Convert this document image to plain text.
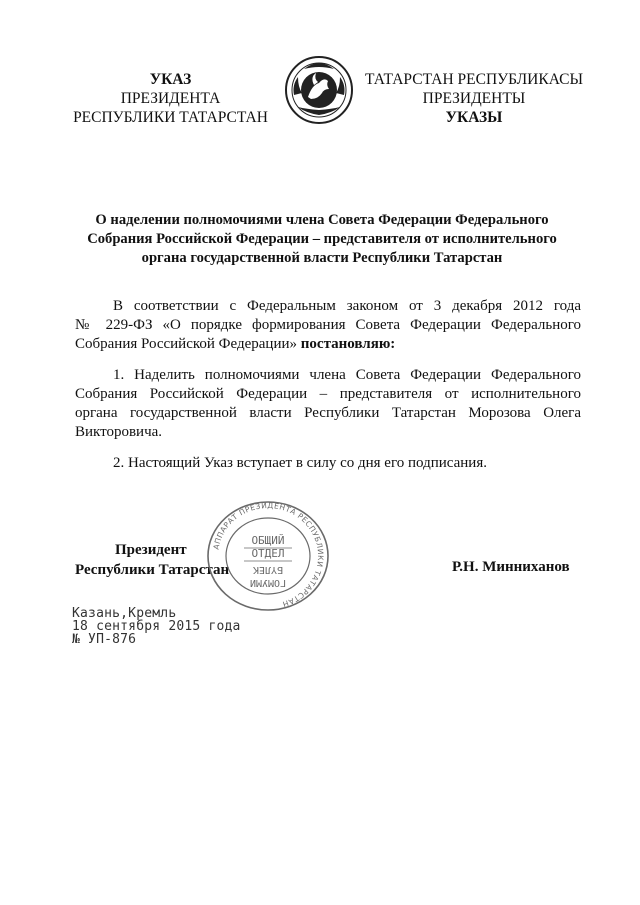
УКАЗ
ПРЕЗИДЕНТА
РЕСПУБЛИКИ ТАТАРСТАН
ТАТАРСТАН РЕСПУБЛИКАСЫ
ПРЕЗИДЕНТЫ
УКАЗЫ
О наделении полномочиями члена Совета Федерации Федерального
Собрания Российской Федерации – представителя от исполнительного
органа государственной власти Республики Татарстан
В соответствии с Федеральным законом от 3 декабря 2012 года
№ 229-ФЗ «О порядке формирования Совета Федерации Федерального
Собрания Российской Федерации» постановляю:
1. Наделить полномочиями члена Совета Федерации Федерального
Собрания Российской Федерации – представителя от исполнительного
органа государственной власти Республики Татарстан Морозова Олега
Викторовича.
2. Настоящий Указ вступает в силу со дня его подписания.
Президент
Республики Татарстан	Р.Н. Минниханов
АППАРАТ ПРЕЗИДЕНТА РЕСПУБЛИКИ ТАТАРСТАН
ОБЩИЙ
ОТДЕЛ
БҮЛЕК
ГОМУМИ
Казань,Кремль
18 сентября 2015 года
№ УП-876
